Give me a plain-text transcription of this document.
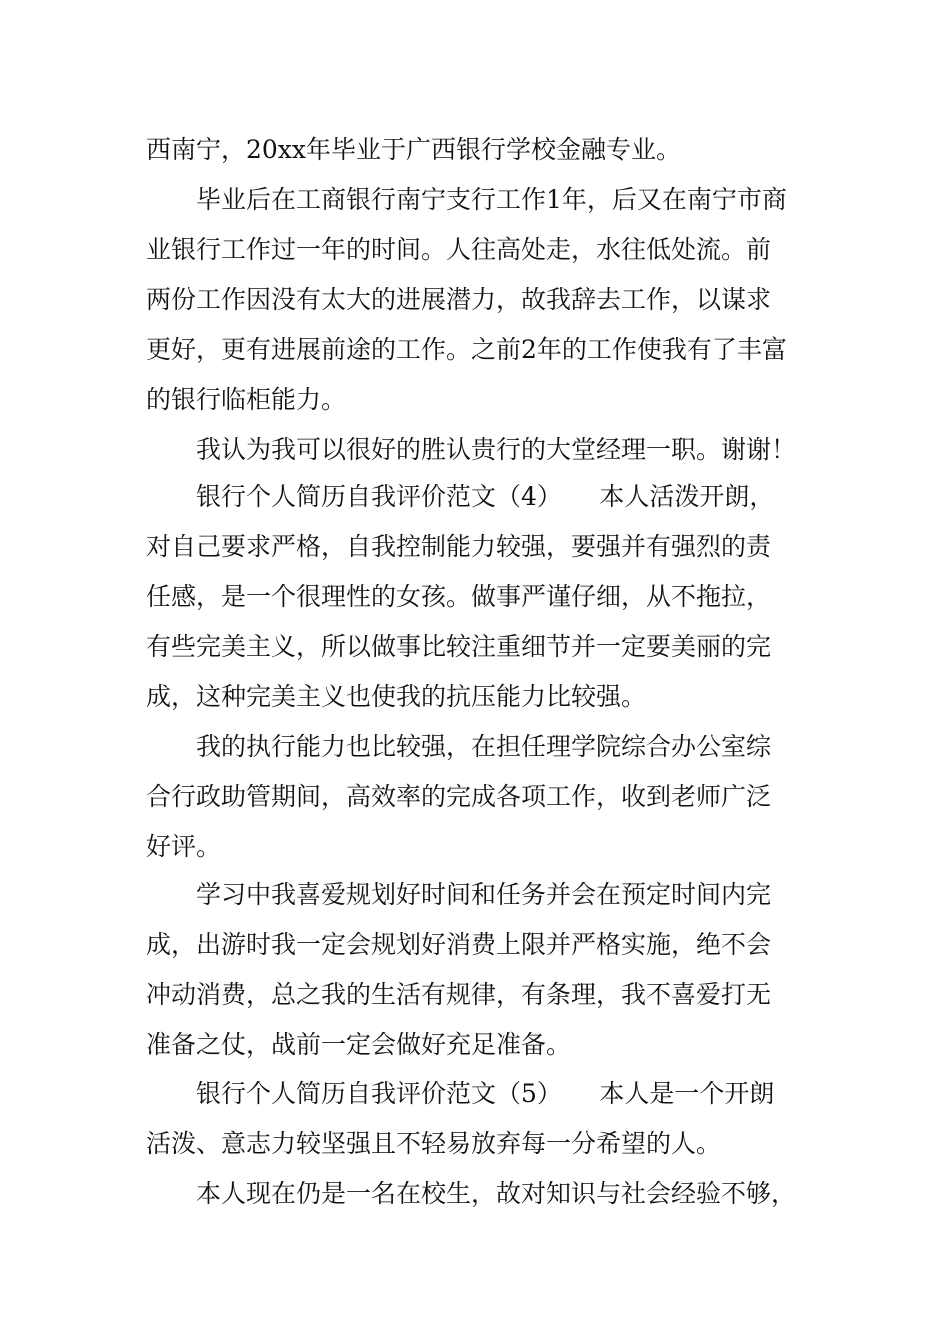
西南宁，20xx年毕业于广西银行学校金融专业。
　　毕业后在工商银行南宁支行工作1年，后又在南宁市商
业银行工作过一年的时间。人往高处走，水往低处流。前
两份工作因没有太大的进展潜力，故我辞去工作，以谋求
更好，更有进展前途的工作。之前2年的工作使我有了丰富
的银行临柜能力。
　　我认为我可以很好的胜认贵行的大堂经理一职。谢谢！
　　银行个人简历自我评价范文（4）　　本人活泼开朗，
对自己要求严格，自我控制能力较强，要强并有强烈的责
任感，是一个很理性的女孩。做事严谨仔细，从不拖拉，
有些完美主义，所以做事比较注重细节并一定要美丽的完
成，这种完美主义也使我的抗压能力比较强。
　　我的执行能力也比较强，在担任理学院综合办公室综
合行政助管期间，高效率的完成各项工作，收到老师广泛
好评。
　　学习中我喜爱规划好时间和任务并会在预定时间内完
成，出游时我一定会规划好消费上限并严格实施，绝不会
冲动消费，总之我的生活有规律，有条理，我不喜爱打无
准备之仗，战前一定会做好充足准备。
　　银行个人简历自我评价范文（5）　　本人是一个开朗
活泼、意志力较坚强且不轻易放弃每一分希望的人。
　　本人现在仍是一名在校生，故对知识与社会经验不够，
